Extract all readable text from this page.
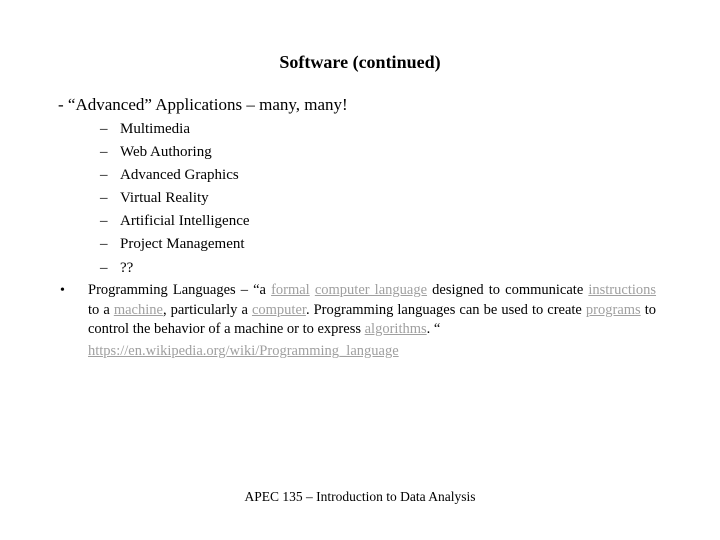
Software (continued)
- “Advanced” Applications – many, many!
– Multimedia
– Web Authoring
– Advanced Graphics
– Virtual Reality
– Artificial Intelligence
– Project Management
– ??
• Programming Languages – “a formal computer language designed to communicate instructions to a machine, particularly a computer. Programming languages can be used to create programs to control the behavior of a machine or to express algorithms. “
https://en.wikipedia.org/wiki/Programming_language
APEC 135 – Introduction to Data Analysis
